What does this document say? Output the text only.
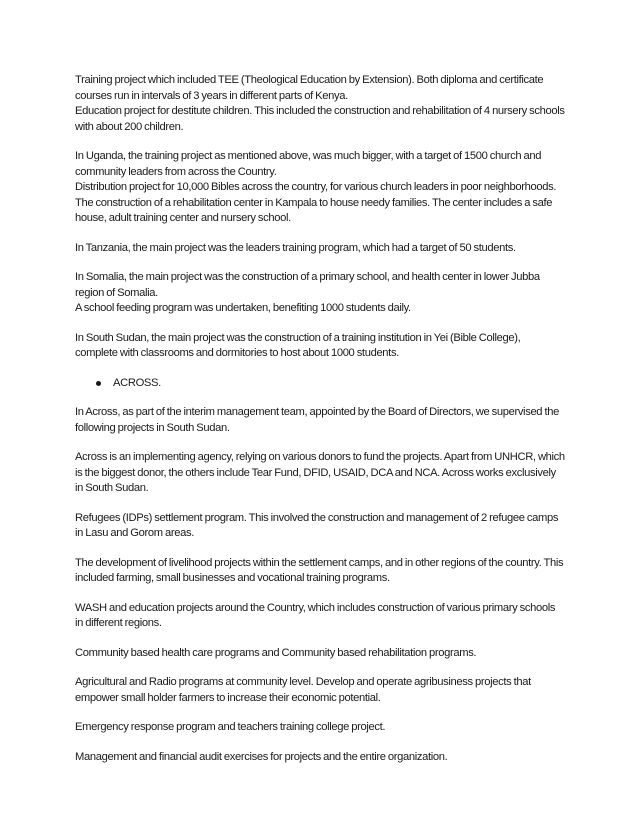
Training project which included TEE (Theological Education by Extension). Both diploma and certificate courses run in intervals of 3 years in different parts of Kenya.
Education project for destitute children. This included the construction and rehabilitation of 4 nursery schools with about 200 children.

In Uganda, the training project as mentioned above, was much bigger, with a target of 1500 church and community leaders from across the Country.
Distribution project for 10,000 Bibles across the country, for various church leaders in poor neighborhoods.
The construction of a rehabilitation center in Kampala to house needy families. The center includes a safe house, adult training center and nursery school.

In Tanzania, the main project was the leaders training program, which had a target of 50 students.

In Somalia, the main project was the construction of a primary school, and health center in lower Jubba region of Somalia.
A school feeding program was undertaken, benefiting 1000 students daily.

In South Sudan, the main project was the construction of a training institution in Yei (Bible College), complete with classrooms and dormitories to host about 1000 students.

ACROSS.

In Across, as part of the interim management team, appointed by the Board of Directors, we supervised the following projects in South Sudan.

Across is an implementing agency, relying on various donors to fund the projects. Apart from UNHCR, which is the biggest donor, the others include Tear Fund, DFID, USAID, DCA and NCA. Across works exclusively in South Sudan.

Refugees (IDPs) settlement program. This involved the construction and management of 2 refugee camps in Lasu and Gorom areas.

The development of livelihood projects within the settlement camps, and in other regions of the country. This included farming, small businesses and vocational training programs.

WASH and education projects around the Country, which includes construction of various primary schools in different regions.

Community based health care programs and Community based rehabilitation programs.

Agricultural and Radio programs at community level. Develop and operate agribusiness projects that empower small holder farmers to increase their economic potential.

Emergency response program and teachers training college project.

Management and financial audit exercises for projects and the entire organization.
